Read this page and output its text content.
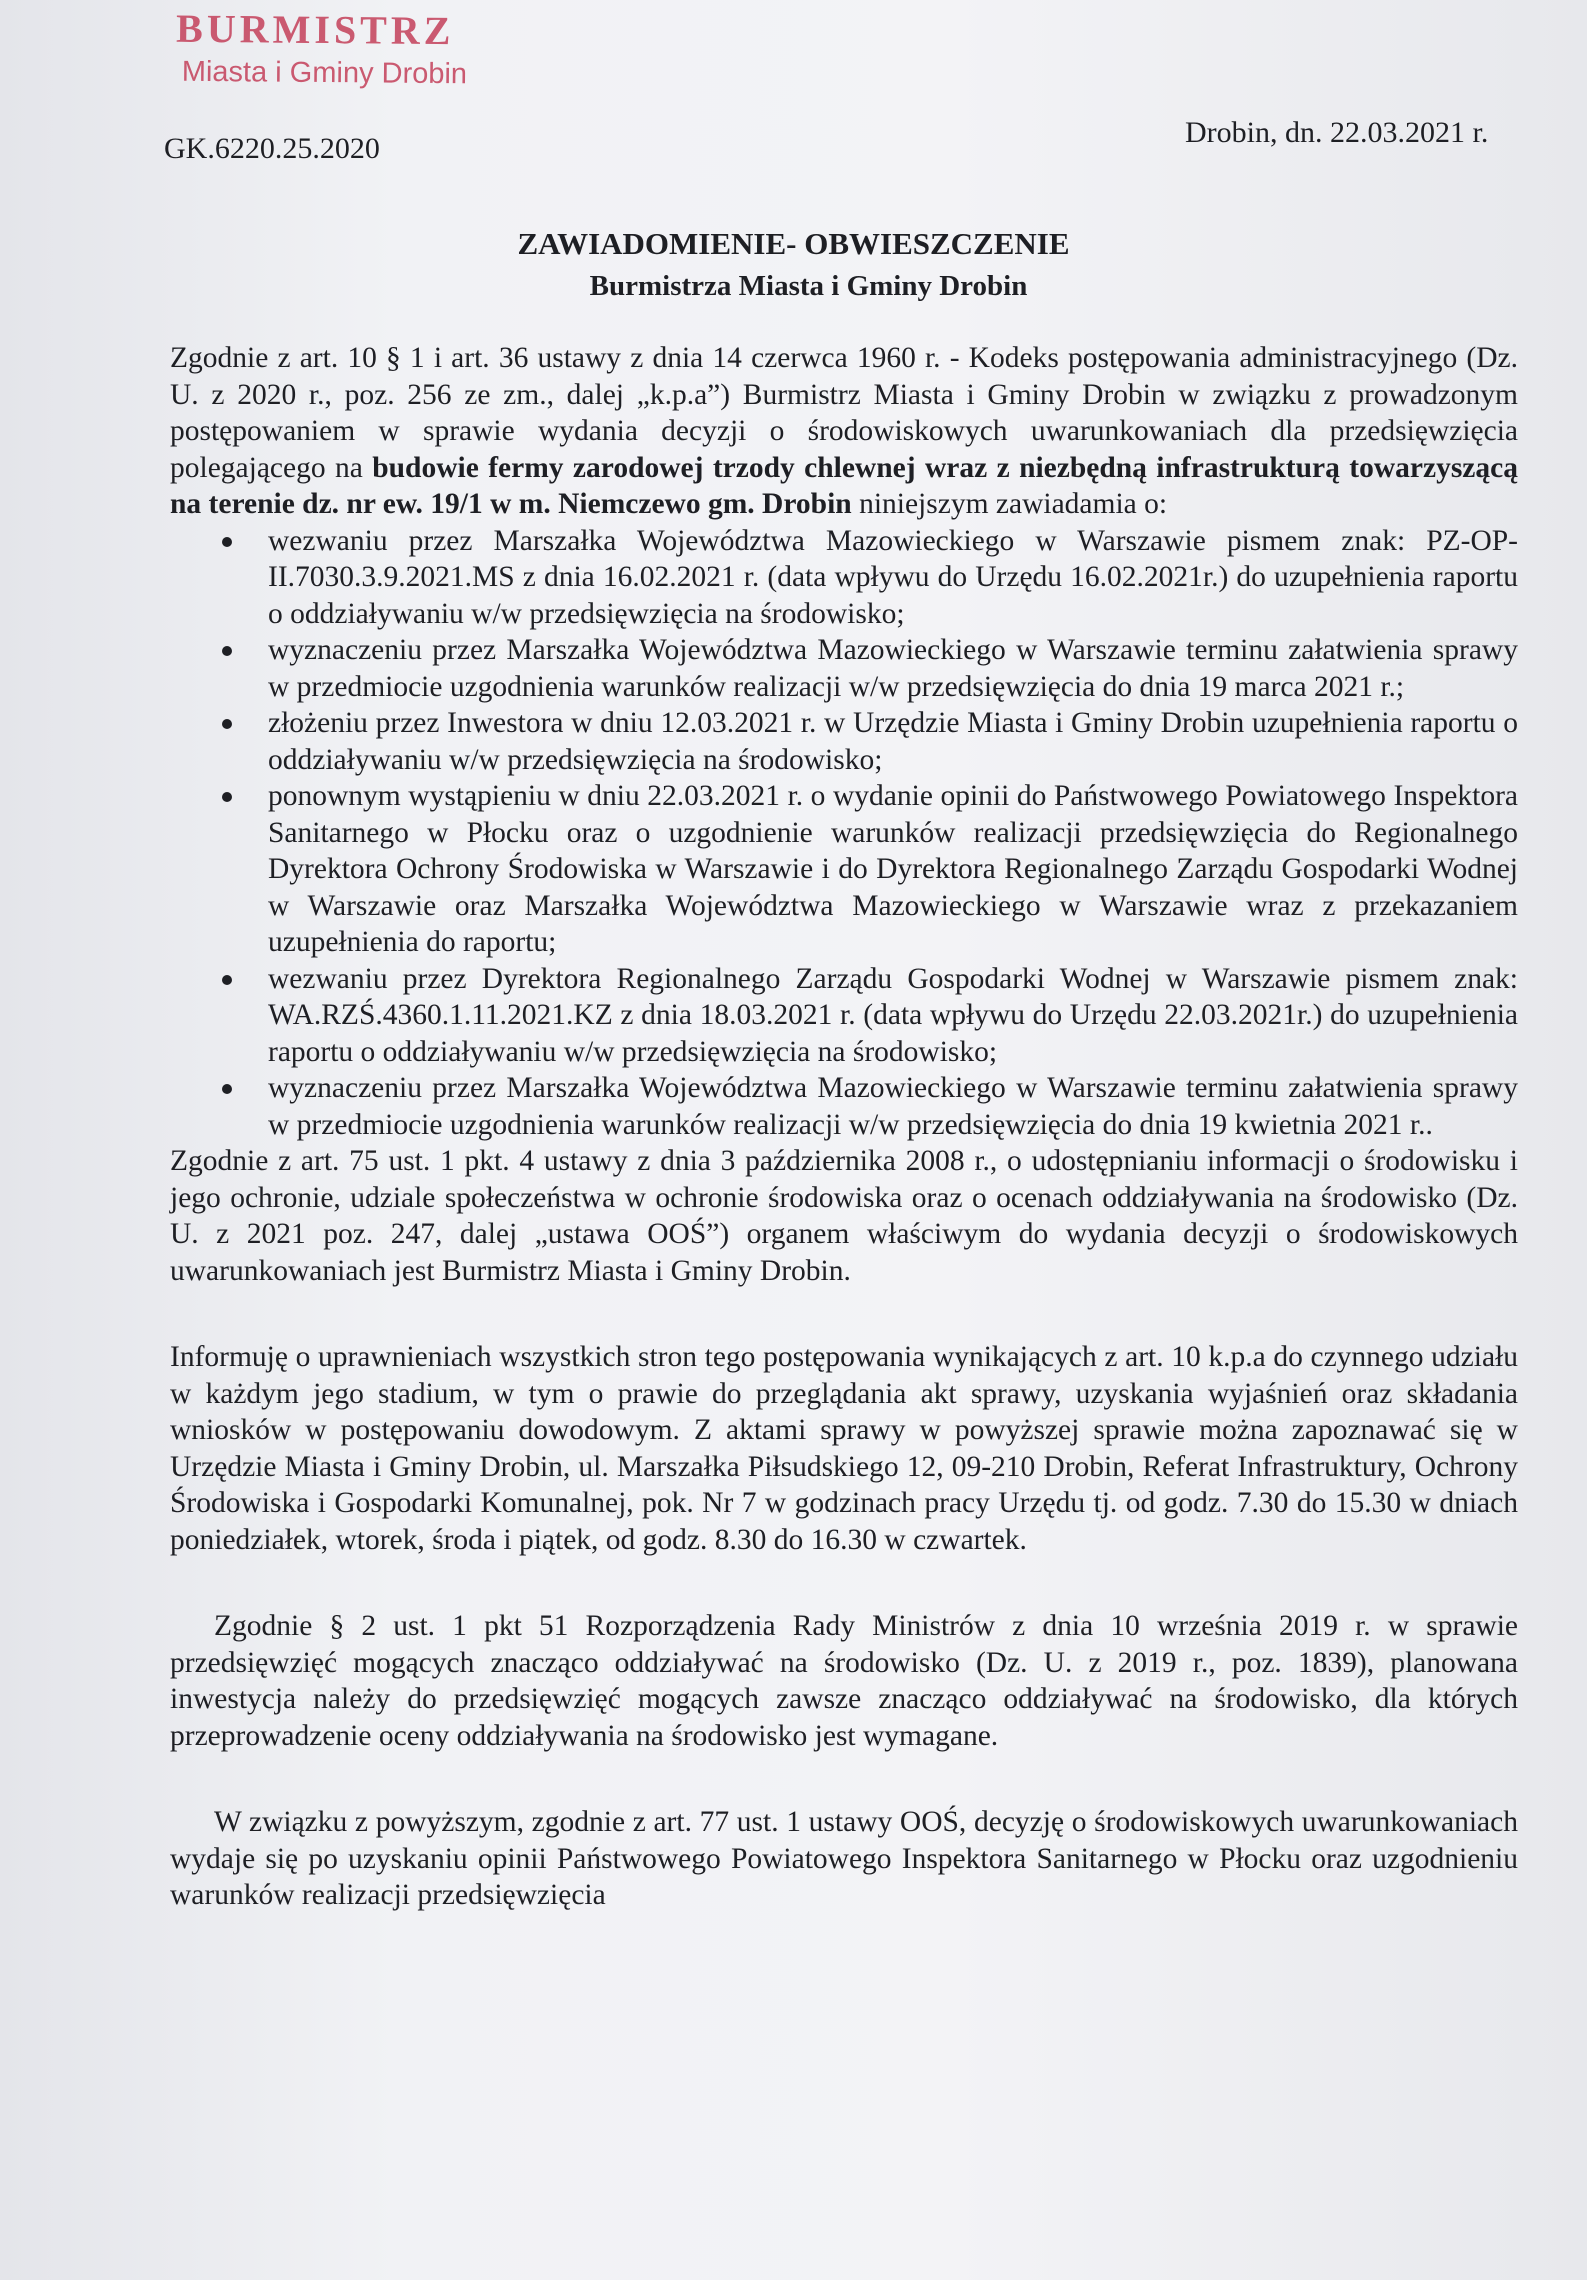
BURMISTRZ
Miasta i Gminy Drobin
GK.6220.25.2020	Drobin, dn. 22.03.2021 r.
ZAWIADOMIENIE- OBWIESZCZENIE
Burmistrza Miasta i Gminy Drobin

Zgodnie z art. 10 § 1 i art. 36 ustawy z dnia 14 czerwca 1960 r. - Kodeks postępowania administracyjnego (Dz. U. z 2020 r., poz. 256 ze zm., dalej „k.p.a”) Burmistrz Miasta i Gminy Drobin w związku z prowadzonym postępowaniem w sprawie wydania decyzji o środowiskowych uwarunkowaniach dla przedsięwzięcia polegającego na budowie fermy zarodowej trzody chlewnej wraz z niezbędną infrastrukturą towarzyszącą na terenie dz. nr ew. 19/1 w m. Niemczewo gm. Drobin niniejszym zawiadamia o:

wezwaniu przez Marszałka Województwa Mazowieckiego w Warszawie pismem znak: PZ-OP-II.7030.3.9.2021.MS z dnia 16.02.2021 r. (data wpływu do Urzędu 16.02.2021r.) do uzupełnienia raportu o oddziaływaniu w/w przedsięwzięcia na środowisko;
wyznaczeniu przez Marszałka Województwa Mazowieckiego w Warszawie terminu załatwienia sprawy w przedmiocie uzgodnienia warunków realizacji w/w przedsięwzięcia do dnia 19 marca 2021 r.;
złożeniu przez Inwestora w dniu 12.03.2021 r. w Urzędzie Miasta i Gminy Drobin uzupełnienia raportu o oddziaływaniu w/w przedsięwzięcia na środowisko;
ponownym wystąpieniu w dniu 22.03.2021 r. o wydanie opinii do Państwowego Powiatowego Inspektora Sanitarnego w Płocku oraz o uzgodnienie warunków realizacji przedsięwzięcia do Regionalnego Dyrektora Ochrony Środowiska w Warszawie i do Dyrektora Regionalnego Zarządu Gospodarki Wodnej w Warszawie oraz Marszałka Województwa Mazowieckiego w Warszawie wraz z przekazaniem uzupełnienia do raportu;
wezwaniu przez Dyrektora Regionalnego Zarządu Gospodarki Wodnej w Warszawie pismem znak: WA.RZŚ.4360.1.11.2021.KZ z dnia 18.03.2021 r. (data wpływu do Urzędu 22.03.2021r.) do uzupełnienia raportu o oddziaływaniu w/w przedsięwzięcia na środowisko;
wyznaczeniu przez Marszałka Województwa Mazowieckiego w Warszawie terminu załatwienia sprawy w przedmiocie uzgodnienia warunków realizacji w/w przedsięwzięcia do dnia 19 kwietnia 2021 r..

Zgodnie z art. 75 ust. 1 pkt. 4 ustawy z dnia 3 października 2008 r., o udostępnianiu informacji o środowisku i jego ochronie, udziale społeczeństwa w ochronie środowiska oraz o ocenach oddziaływania na środowisko (Dz. U. z 2021 poz. 247, dalej „ustawa OOŚ”) organem właściwym do wydania decyzji o środowiskowych uwarunkowaniach jest Burmistrz Miasta i Gminy Drobin.

Informuję o uprawnieniach wszystkich stron tego postępowania wynikających z art. 10 k.p.a do czynnego udziału w każdym jego stadium, w tym o prawie do przeglądania akt sprawy, uzyskania wyjaśnień oraz składania wniosków w postępowaniu dowodowym. Z aktami sprawy w powyższej sprawie można zapoznawać się w Urzędzie Miasta i Gminy Drobin, ul. Marszałka Piłsudskiego 12, 09-210 Drobin, Referat Infrastruktury, Ochrony Środowiska i Gospodarki Komunalnej, pok. Nr 7 w godzinach pracy Urzędu tj. od godz. 7.30 do 15.30 w dniach poniedziałek, wtorek, środa i piątek, od godz. 8.30 do 16.30 w czwartek.

Zgodnie § 2 ust. 1 pkt 51 Rozporządzenia Rady Ministrów z dnia 10 września 2019 r. w sprawie przedsięwzięć mogących znacząco oddziaływać na środowisko (Dz. U. z 2019 r., poz. 1839), planowana inwestycja należy do przedsięwzięć mogących zawsze znacząco oddziaływać na środowisko, dla których przeprowadzenie oceny oddziaływania na środowisko jest wymagane.

W związku z powyższym, zgodnie z art. 77 ust. 1 ustawy OOŚ, decyzję o środowiskowych uwarunkowaniach wydaje się po uzyskaniu opinii Państwowego Powiatowego Inspektora Sanitarnego w Płocku oraz uzgodnieniu warunków realizacji przedsięwzięcia
